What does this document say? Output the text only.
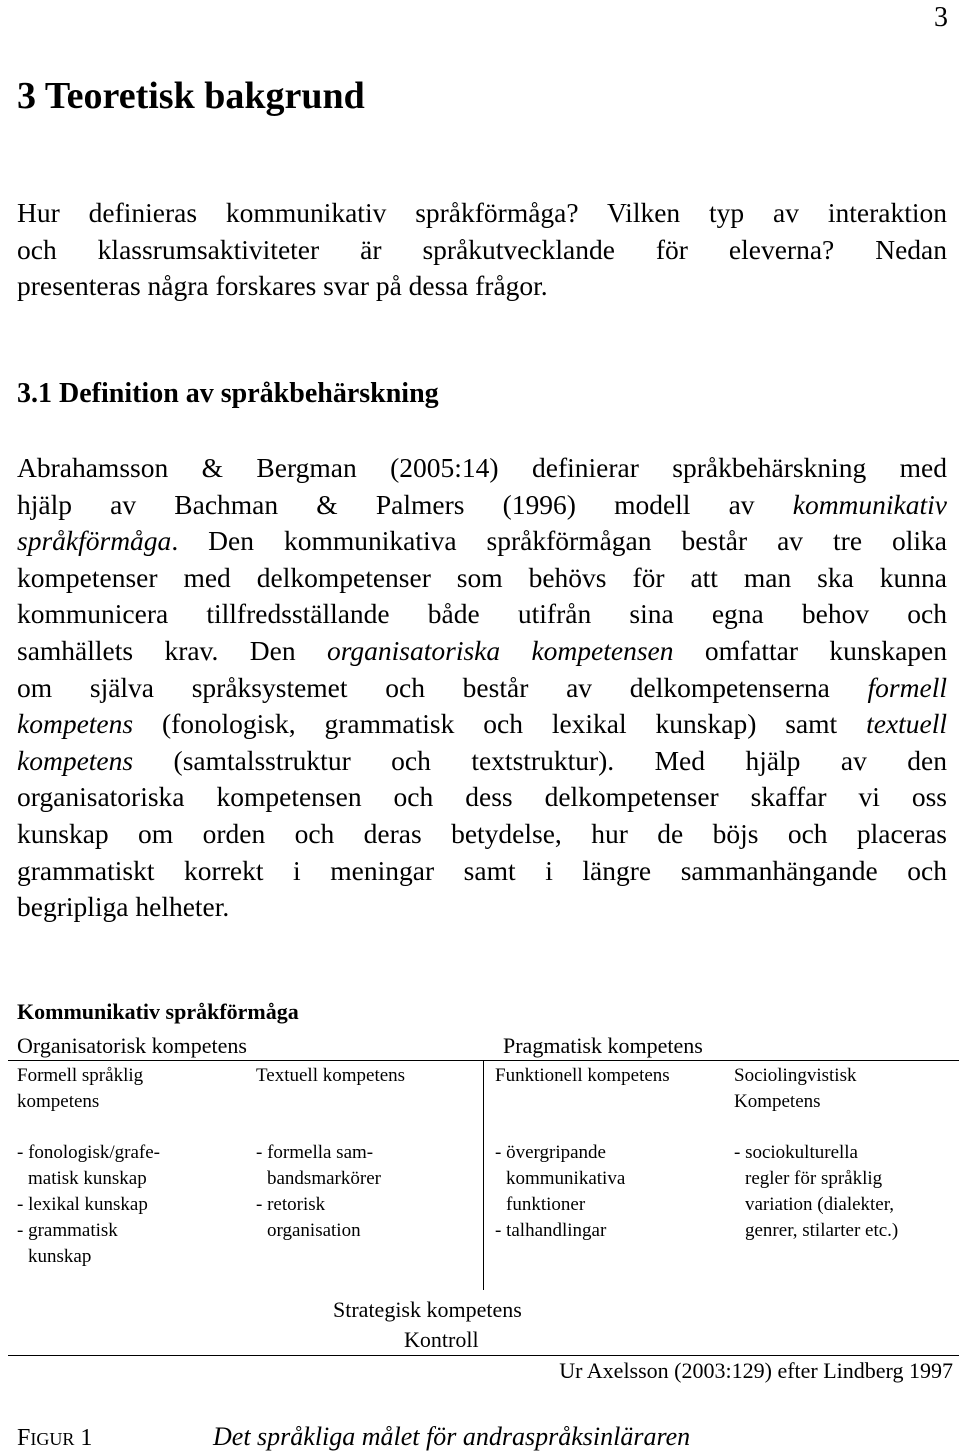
3
3 Teoretisk bakgrund
Hur definieras kommunikativ språkförmåga? Vilken typ av interaktion
och klassrumsaktiviteter är språkutvecklande för eleverna? Nedan
presenteras några forskares svar på dessa frågor.
3.1 Definition av språkbehärskning
Abrahamsson & Bergman (2005:14) definierar språkbehärskning med
hjälp av Bachman & Palmers (1996) modell av kommunikativ
språkförmåga. Den kommunikativa språkförmågan består av tre olika
kompetenser med delkompetenser som behövs för att man ska kunna
kommunicera tillfredsställande både utifrån sina egna behov och
samhällets krav. Den organisatoriska kompetensen omfattar kunskapen
om själva språksystemet och består av delkompetenserna formell
kompetens (fonologisk, grammatisk och lexikal kunskap) samt textuell
kompetens (samtalsstruktur och textstruktur). Med hjälp av den
organisatoriska kompetensen och dess delkompetenser skaffar vi oss
kunskap om orden och deras betydelse, hur de böjs och placeras
grammatiskt korrekt i meningar samt i längre sammanhängande och
begripliga helheter.
Kommunikativ språkförmåga
Organisatorisk kompetens	Pragmatisk kompetens
Formell språklig
kompetens
- fonologisk/grafe-
matisk kunskap
- lexikal kunskap
- grammatisk
kunskap
Textuell kompetens
- formella sam-
bandsmarkörer
- retorisk
organisation
Funktionell kompetens
- övergripande
kommunikativa
funktioner
- talhandlingar
Sociolingvistisk
Kompetens
- sociokulturella
regler för språklig
variation (dialekter,
genrer, stilarter etc.)
Strategisk kompetens
Kontroll
Ur Axelsson (2003:129) efter Lindberg 1997
FIGUR 1	Det språkliga målet för andraspråksinläraren
